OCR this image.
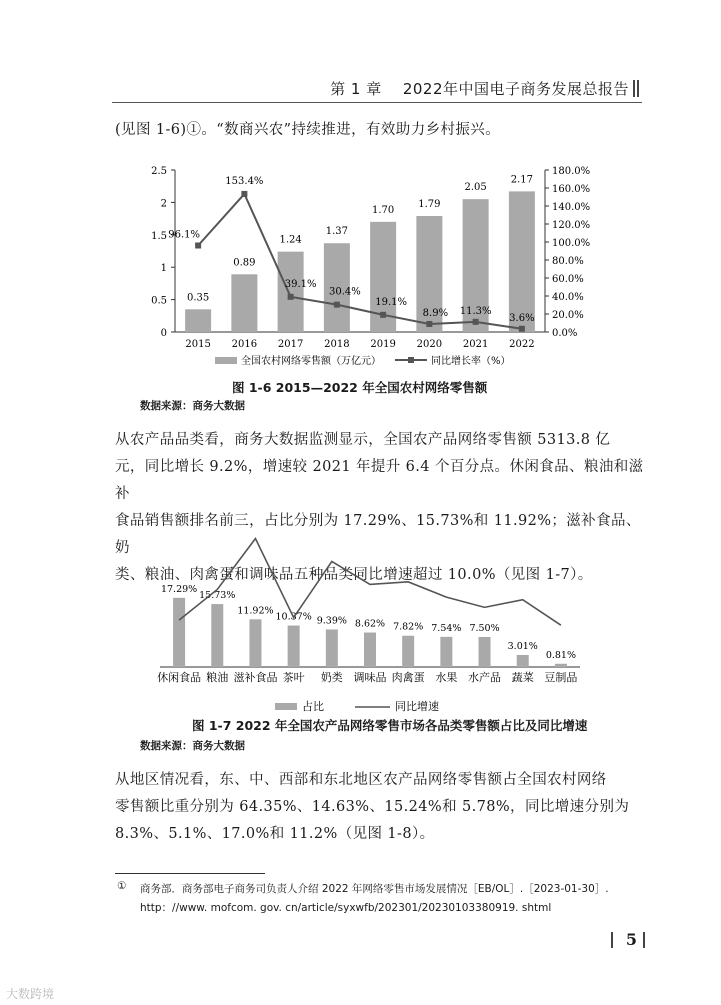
第 1 章 2022年中国电子商务发展总报告
(见图 1-6)①。“数商兴农”持续推进，有效助力乡村振兴。
0
0.5
1
1.5
2
2.5
0.0%
20.0%
40.0%
60.0%
80.0%
100.0%
120.0%
140.0%
160.0%
180.0%
2015 2016 2017 2018 2019 2020 2021 2022
0.35
0.89
1.24
1.37
1.70
1.79
2.05
2.17
96.1%
153.4%
39.1%
30.4%
19.1%
8.9% 11.3%
3.6%
全国农村网络零售额（万亿元）	同比增长率（%）
图 1-6 2015—2022 年全国农村网络零售额
数据来源：商务大数据
从农产品品类看，商务大数据监测显示，全国农产品网络零售额 5313.8 亿
元，同比增长 9.2%，增速较 2021 年提升 6.4 个百分点。休闲食品、粮油和滋补
食品销售额排名前三，占比分别为 17.29%、15.73%和 11.92%；滋补食品、奶
类、粮油、肉禽蛋和调味品五种品类同比增速超过 10.0%（见图 1-7）。
17.29%
休闲食品
15.73%
粮油
11.92%
滋补食品
10.37%
茶叶
9.39%
奶类
8.62%
调味品
7.82%
肉禽蛋
7.54%
水果
7.50%
水产品
3.01%
蔬菜
0.81%
豆制品
占比	同比增速
图 1-7 2022 年全国农产品网络零售市场各品类零售额占比及同比增速
数据来源：商务大数据
从地区情况看，东、中、西部和东北地区农产品网络零售额占全国农村网络
零售额比重分别为 64.35%、14.63%、15.24%和 5.78%，同比增速分别为
8.3%、5.1%、17.0%和 11.2%（见图 1-8）。
① 商务部．商务部电子商务司负责人介绍 2022 年网络零售市场发展情况［EB/OL］.［2023-01-30］.
http：//www. mofcom. gov. cn/article/syxwfb/202301/20230103380919. shtml
5
大数跨境
